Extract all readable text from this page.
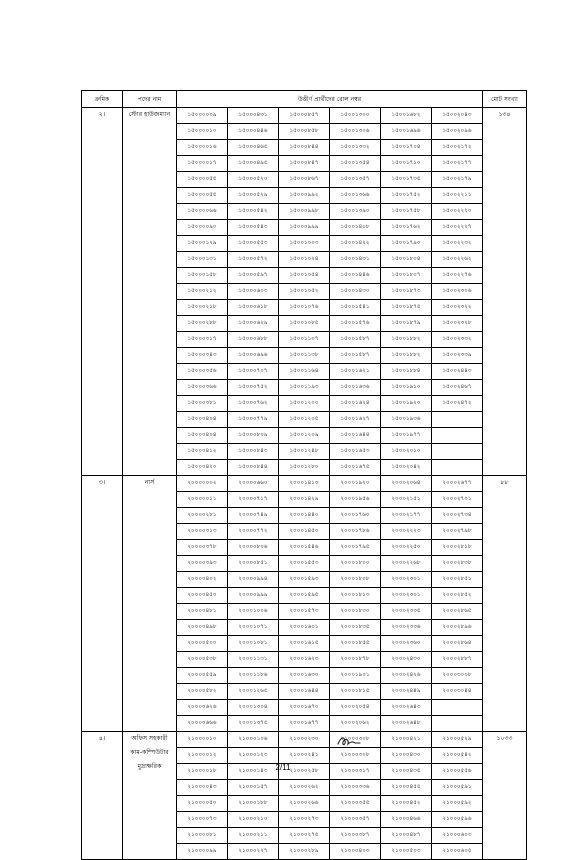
ক্রমিক	পদের নাম	উত্তীর্ণ প্রার্থীদের রোল নম্বর						মোট সংখ্যা
২।	স্টোর হাউজম্যান	১৫০০০০০৯	১৫০০০৪৩১	১৫০০০৮৫৭	১৫০০১৩০০	১৫০০১৬৮২	১৫০০২০৪৩	১৩৪
		১৫০০০০১০	১৫০০০৪৪৬	১৫০০০৮৫৮	১৫০০১৩০৬	১৫০০১৬৯৬	১৫০০২০৯৬	
		১৫০০০০১৬	১৫০০০৪৬৫	১৫০০০৮৪৪	১৫০০১৩৩২	১৫০০১৭০৪	১৫০০২১৭২	
		১৫০০০০১৭	১৫০০০৪৯৫	১৫০০০৮৪৭	১৫০০১৩৫৪	১৫০০১৭১০	১৫০০২১৭৭	
		১৫০০০০৫৫	১৫০০০৫২০	১৫০০০৮৬৭	১৫০০১৩৫৭	১৫০০১৭৩৫	১৫০০২১৭৯	
		১৫০০০০৫৫	১৫০০০৫২৯	১৫০০০৯৯২	১৫০০১৩৬৬	১৫০০১৭৫২	১৫০০২২১১	
		১৫০০০০৬৬	১৫০০০৫৪২	১৫০০০৯৯৮	১৫০০১৩৯০	১৫০০১৭৫৮	১৫০০২২২০	
		১৫০০০০৯০	১৫০০০৫৪৩	১৫০০০৯৯৯	১৫০০১৪০৮	১৫০০১৭৬২	১৫০০২২২৭	
		১৫০০০১২৯	১৫০০০৫৫৩	১৫০০১০০৩	১৫০০১৪২২	১৫০০১৭৯০	১৫০০২২৩২	
		১৫০০০১৩১	১৫০০০৫৭২	১৫০০১০২৪	১৫০০১৪৩১	১৫০০১৮০৪	১৫০০২২৬২	
		১৫০০০১৫৮	১৫০০০৫৯৭	১৫০০১০৫৪	১৫০০১৪৪৬	১৫০০১৮০৭	১৫০০২২৭৬	
		১৫০০০২১২	১৫০০০৬০৩	১৫০০১০৫২	১৫০০১৪৩০	১৫০০১৮৭৩	১৫০০২৩০৬	
		১৫০০০২১৮	১৫০০০৬১৮	১৫০০১০৭৬	১৫০০১৫৪১	১৫০০১৮৭৫	১৫০০২৩২২	
		১৫০০০২৮৮	১৫০০০৬২৯	১৫০০১০৮৫	১৫০০১৫৭৬	১৫০০১৮৭৯	১৫০০২৩২৮	
		১৫০০০৩১৭	১৫০০০৬৮৮	১৫০০১১০৭	১৫০০১৫৮৭	১৫০০১৮৮২	১৫০০২৩৩২	
		১৫০০০৩৪৩	১৫০০০৬৯৬	১৫০০১১৩৮	১৫০০১৫৮৭	১৫০০১৮৮২	১৫০০২৩৩৯	
		১৫০০০৩৫৬	১৫০০০৭০৭	১৫০০১১৬৪	১৫০০১৬২১	১৫০০১৮৮৪	১৫০০২৪৪৩	
		১৫০০০৩৬৬	১৫০০০৭৫২	১৫০০১১৯৩	১৫০০১৬৩৬	১৫০০১৯১০	১৫০০২৪৬৭	
		১৫০০০৩৮১	১৫০০০৭৬২	১৫০০১২০০	১৫০০১৬২৪	১৫০০১৯২০	১৫০০২৪৭২	
		১৫০০০৪০৪	১৫০০০৭৭৯	১৫০০১২০৫	১৫০০১৬২৭	১৫০০১৯৩৬		
		১৫০০০৪০৪	১৫০০০৮০৯	১৫০০১২০৯	১৫০০১৬৪৪	১৫০০১৯৭৭		
		১৫০০০৪১২	১৫০০০৮৪৩	১৫০০১২৪৮	১৫০০১৬৫৩	১৫০০২০১০		
		১৫০০০৪২০	১৫০০০৮৪৪	১৫০০১২৮০	১৫০০১৬৭৫	১৫০০২০৪২		
৩।	নার্স	২০০০০০০২	২০০০০৬৬০	২০০০১৪১৩	২০০০১৯২০	২০০০২০৬৪	২০০০২৬৭৭	৮৮
		২০০০০০১১	২০০০০৭১৭	২০০০১৪২৯	২০০০১৯৫৬	২০০০২১৫১	২০০০২৭০১	
		২০০০০২৮১	২০০০০৭৪৯	২০০০১৪৪০	২০০০১৭৬০	২০০০২১৭৭	২০০০২৭৩৪	
		২০০০০৩১৩	২০০০০৭৭২	২০০০১৪৫০	২০০০১৭৮৬	২০০০২২২৩	২০০০২৭৯৮	
		২০০০০৩৭৮	২০০০০৮০৬	২০০০১৫৪৬	২০০০১৭৯৫	২০০০২২৫০	২০০০২৮১৮	
		২০০০০৩৯৩	২০০০০৮৫১	২০০০১৫৫৩	২০০০১৮০০	২০০০২২৬৮	২০০০২৮৩৮	
		২০০০০৪০২	২০০০০৯৯৪	২০০০১৫৯৩	২০০০১৮০৮	২০০০২৩০১	২০০০২৮৫১	
		২০০০০৪৫০	২০০০০৯৯৯	২০০০১৫৯৫	২০০০১৮১৩	২০০০২৩০১	২০০০২৮৫২	
		২০০০০৪৮১	২০০০১০০৬	২০০০১৫৭৩	২০০০১৮৩০	২০০০২৩৩৫	২০০০২৮৬৫	
		২০০০০৪৯৮	২০০০১০৭১	২০০০১৬০১	২০০০১৮৩৫	২০০০২৩৩৬	২০০০২৮৯৬	
		২০০০০৫০০	২০০০১০৮১	২০০০১৬১৫	২০০০১৮৫৫	২০০০২৩৬০	২০০০২৮৬৪	
		২০০০০৫৩৮	২০০০১১৩১	২০০০১৬২৩	২০০০১৮৭৮	২০০০২৪৩০	২০০০২৮৮৭	
		২০০০০৫৫৯	২০০০১১৮৬	২০০০১৬৩০	২০০০১৯০১	২০০০২৪২৬	২০০০৩০০৮	
		২০০০০৫৮২	২০০০১২৬৫	২০০০১৬৪৪	২০০০১৮১৫	২০০০২৪৪৯	২০০০৩০৪৪	
		২০০০০৬২৬	২০০০১৩০৪	২০০০১৬৭০	২০০০২০৫৪	২০০০২৬৪৩		
		২০০০০৬৬৬	২০০০১৩৭৫	২০০০১৬৭৭	২০০০২০৬২	২০০০২৬৪৮		
৪।	অফিস সহকারী
কাম-কম্পিউটার
মুদ্রাক্ষরিক	২১০০০০১০	২১০০০১০৬	২১০০০২৩০	২১০০০৩০৮	২১০০০৪২১	২১০০০৫২৯	১০৩৩
		২১০০০০১২	২১০০০১২৩	২১০০০২৪১	২১০০০৩০৮	২১০০০৪৩০	২১০০০৫৪২	
		২১০০০০১৮	২১০০০১৪৩	২১০০০২৫৮	২১০০০৩১৭	২১০০০৪৩৫	২১০০০৫৫৬	
		২১০০০০৪৩	২১০০০১৫৭	২১০০০২৬২	২১০০০৩৩৬	২১০০০৪৫৫	২১০০০৫৯১	
		২১০০০০৫০	২১০০০১৮৮	২১০০০২৬৬	২১০০০৩৫৫	২১০০০৪৫২	২১০০০৫৯২	
		২১০০০০৭৩	২১০০০২১০	২১০০০২৭৩	২১০০০৩৫৭	২১০০০৪৬৬	২১০০০৫৯৬	
		২১০০০০৮১	২১০০০২১১	২১০০০২৭৫	২১০০০৩৮৭	২১০০০৪৮৭	২১০০০৬০৩	
		২১০০০০৯৯	২১০০০২২৭	২১০০০২৮৯	২১০০০৪০৩	২১০০০৫০৩	২১০০০৬০৫	
2/11
